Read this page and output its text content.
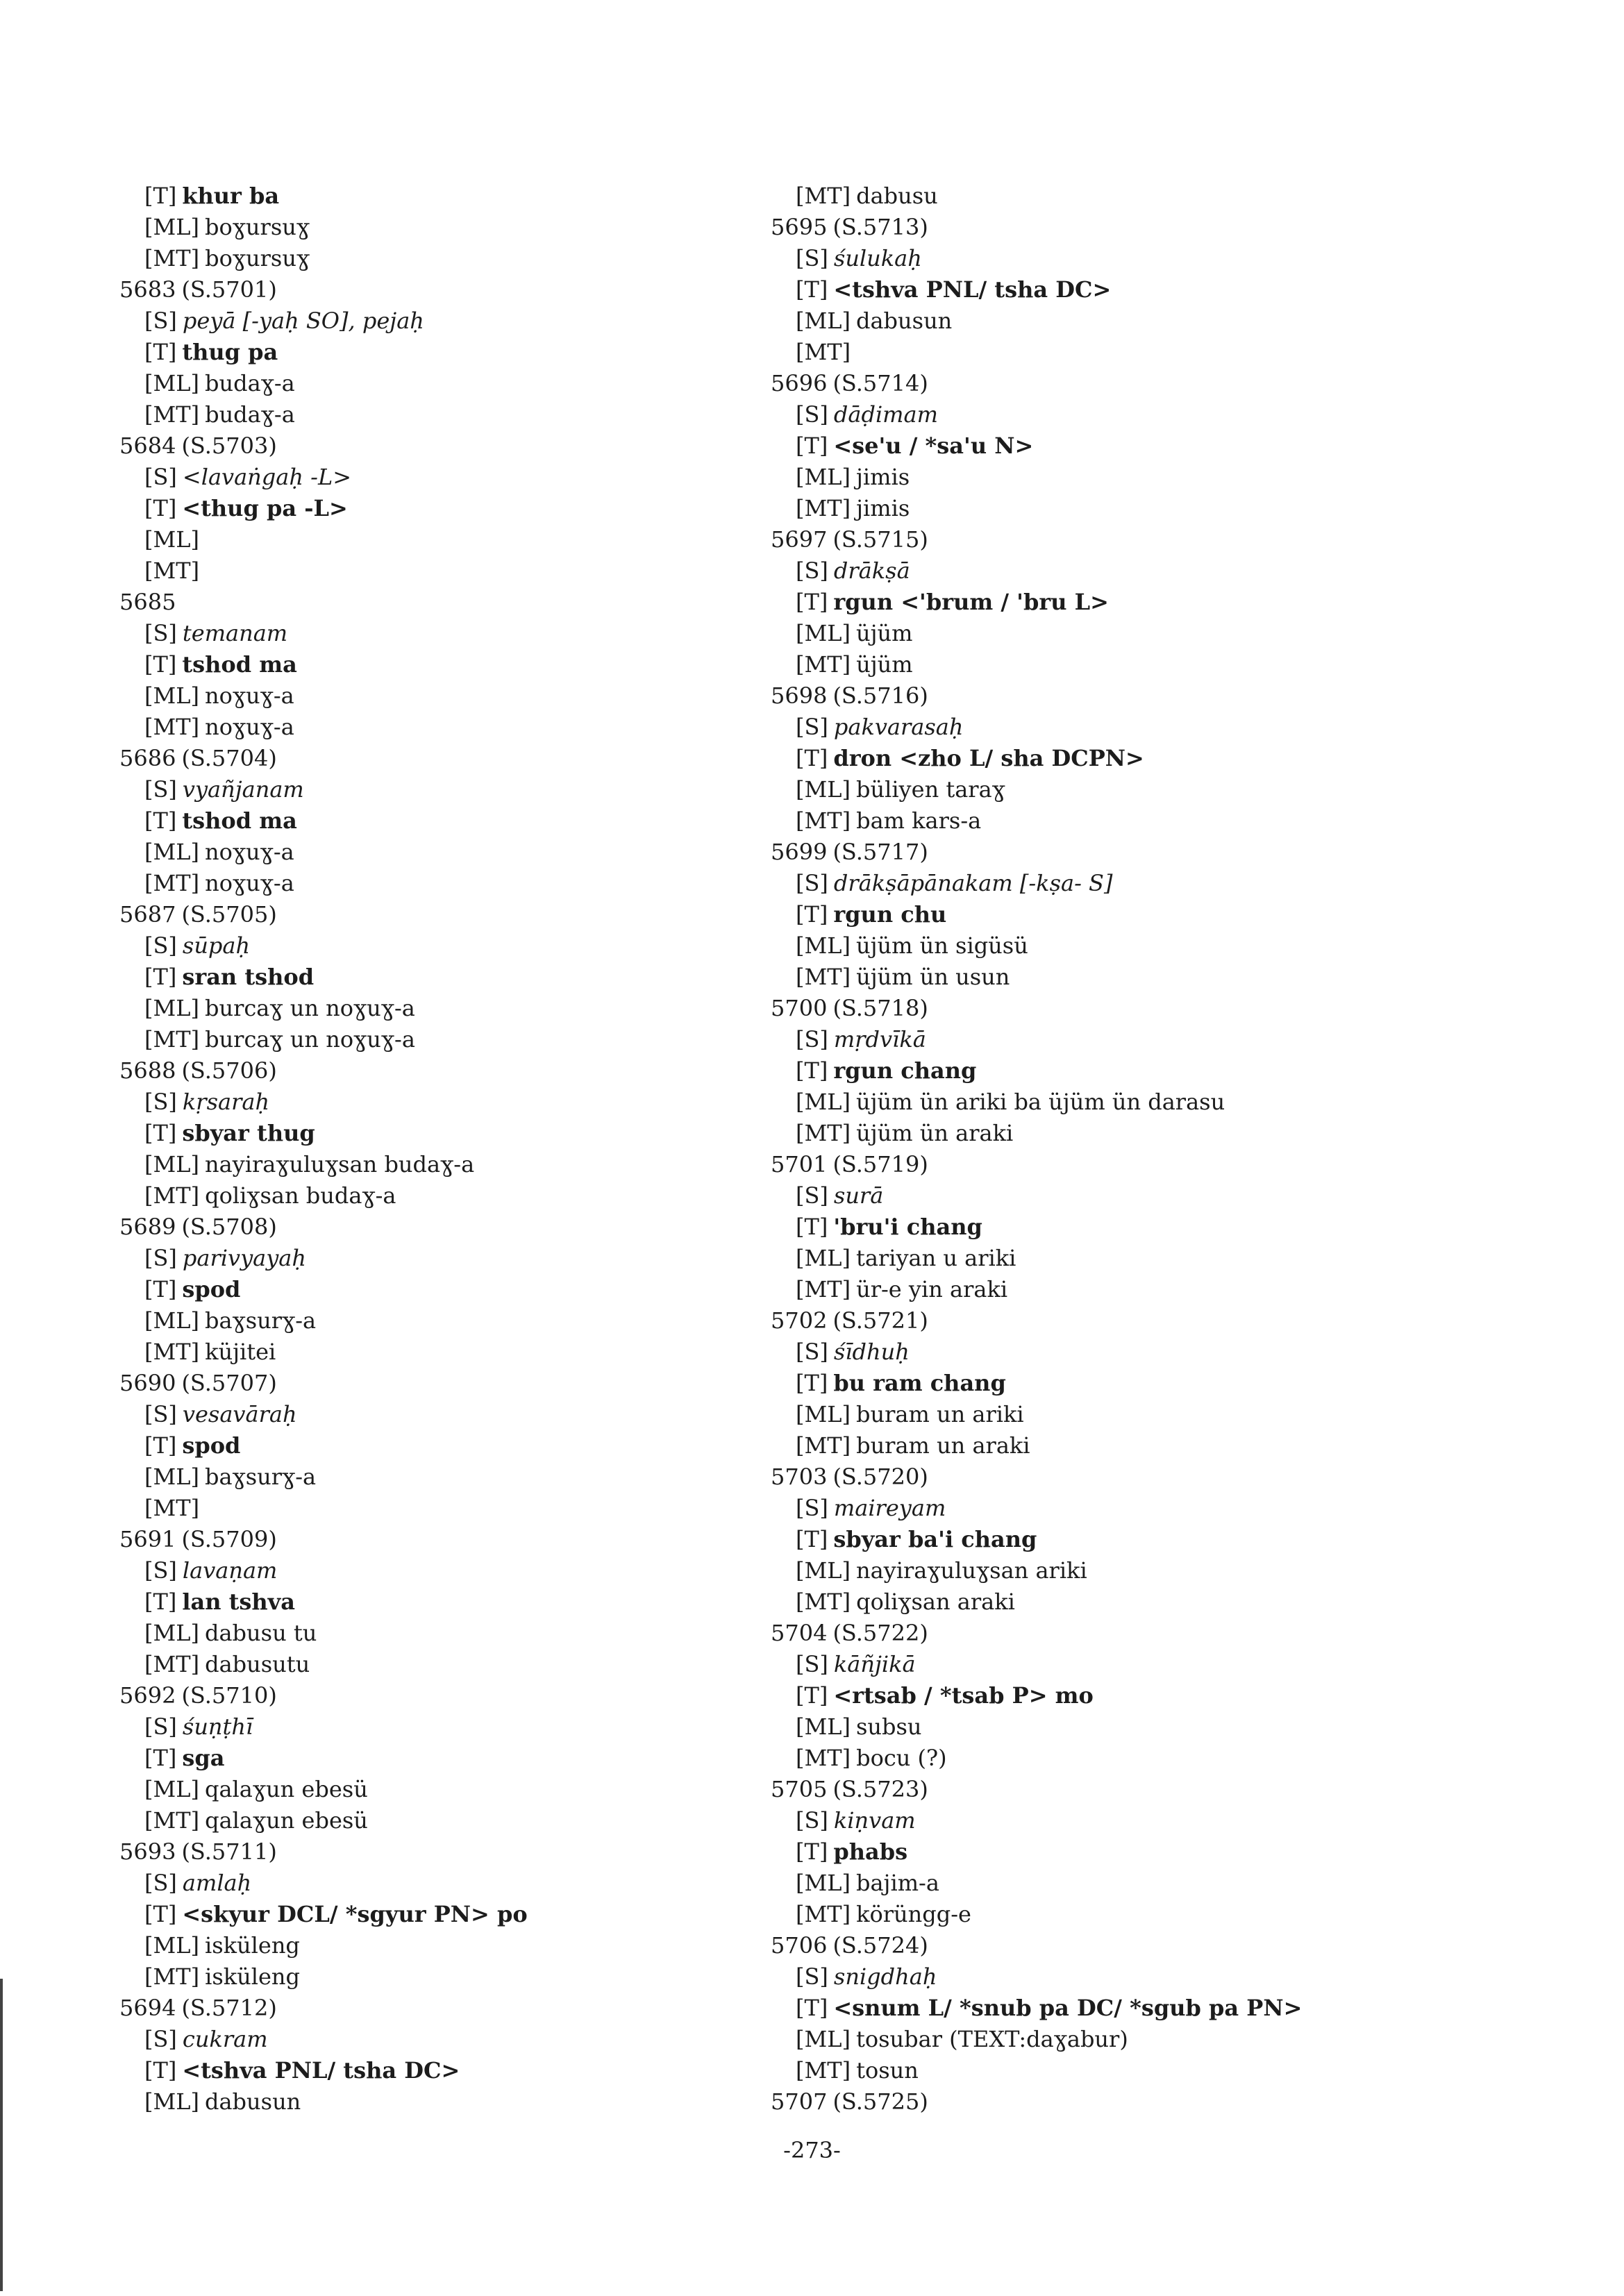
[T] khur ba
[ML] boɣursuɣ
[MT] boɣursuɣ
5683 (S.5701)
[S] peyā [-yaḥ SO], pejaḥ
[T] thug pa
[ML] budaɣ-a
[MT] budaɣ-a
5684 (S.5703)
[S] <lavaṅgaḥ -L>
[T] <thug pa -L>
[ML]
[MT]
5685
[S] temanam
[T] tshod ma
[ML] noɣuɣ-a
[MT] noɣuɣ-a
5686 (S.5704)
[S] vyañjanam
[T] tshod ma
[ML] noɣuɣ-a
[MT] noɣuɣ-a
5687 (S.5705)
[S] sūpaḥ
[T] sran tshod
[ML] burcaɣ un noɣuɣ-a
[MT] burcaɣ un noɣuɣ-a
5688 (S.5706)
[S] kṛsaraḥ
[T] sbyar thug
[ML] nayiraɣuluɣsan budaɣ-a
[MT] qoliɣsan budaɣ-a
5689 (S.5708)
[S] parivyayaḥ
[T] spod
[ML] baɣsurɣ-a
[MT] küjitei
5690 (S.5707)
[S] vesavāraḥ
[T] spod
[ML] baɣsurɣ-a
[MT]
5691 (S.5709)
[S] lavaṇam
[T] lan tshva
[ML] dabusu tu
[MT] dabusutu
5692 (S.5710)
[S] śuṇṭhī
[T] sga
[ML] qalaɣun ebesü
[MT] qalaɣun ebesü
5693 (S.5711)
[S] amlaḥ
[T] <skyur DCL/ *sgyur PN> po
[ML] isküleng
[MT] isküleng
5694 (S.5712)
[S] cukram
[T] <tshva PNL/ tsha DC>
[ML] dabusun
[MT] dabusu
5695 (S.5713)
[S] śulukaḥ
[T] <tshva PNL/ tsha DC>
[ML] dabusun
[MT]
5696 (S.5714)
[S] dāḍimam
[T] <se'u / *sa'u N>
[ML] jimis
[MT] jimis
5697 (S.5715)
[S] drākṣā
[T] rgun <'brum / 'bru L>
[ML] üjüm
[MT] üjüm
5698 (S.5716)
[S] pakvarasaḥ
[T] dron <zho L/ sha DCPN>
[ML] büliyen taraɣ
[MT] bam kars-a
5699 (S.5717)
[S] drākṣāpānakam [-kṣa- S]
[T] rgun chu
[ML] üjüm ün sigüsü
[MT] üjüm ün usun
5700 (S.5718)
[S] mṛdvīkā
[T] rgun chang
[ML] üjüm ün ariki ba üjüm ün darasu
[MT] üjüm ün araki
5701 (S.5719)
[S] surā
[T] 'bru'i chang
[ML] tariyan u ariki
[MT] ür-e yin araki
5702 (S.5721)
[S] śīdhuḥ
[T] bu ram chang
[ML] buram un ariki
[MT] buram un araki
5703 (S.5720)
[S] maireyam
[T] sbyar ba'i chang
[ML] nayiraɣuluɣsan ariki
[MT] qoliɣsan araki
5704 (S.5722)
[S] kāñjikā
[T] <rtsab / *tsab P> mo
[ML] subsu
[MT] bocu (?)
5705 (S.5723)
[S] kiṇvam
[T] phabs
[ML] bajim-a
[MT] körüngg-e
5706 (S.5724)
[S] snigdhaḥ
[T] <snum L/ *snub pa DC/ *sgub pa PN>
[ML] tosubar (TEXT:daɣabur)
[MT] tosun
5707 (S.5725)
-273-
